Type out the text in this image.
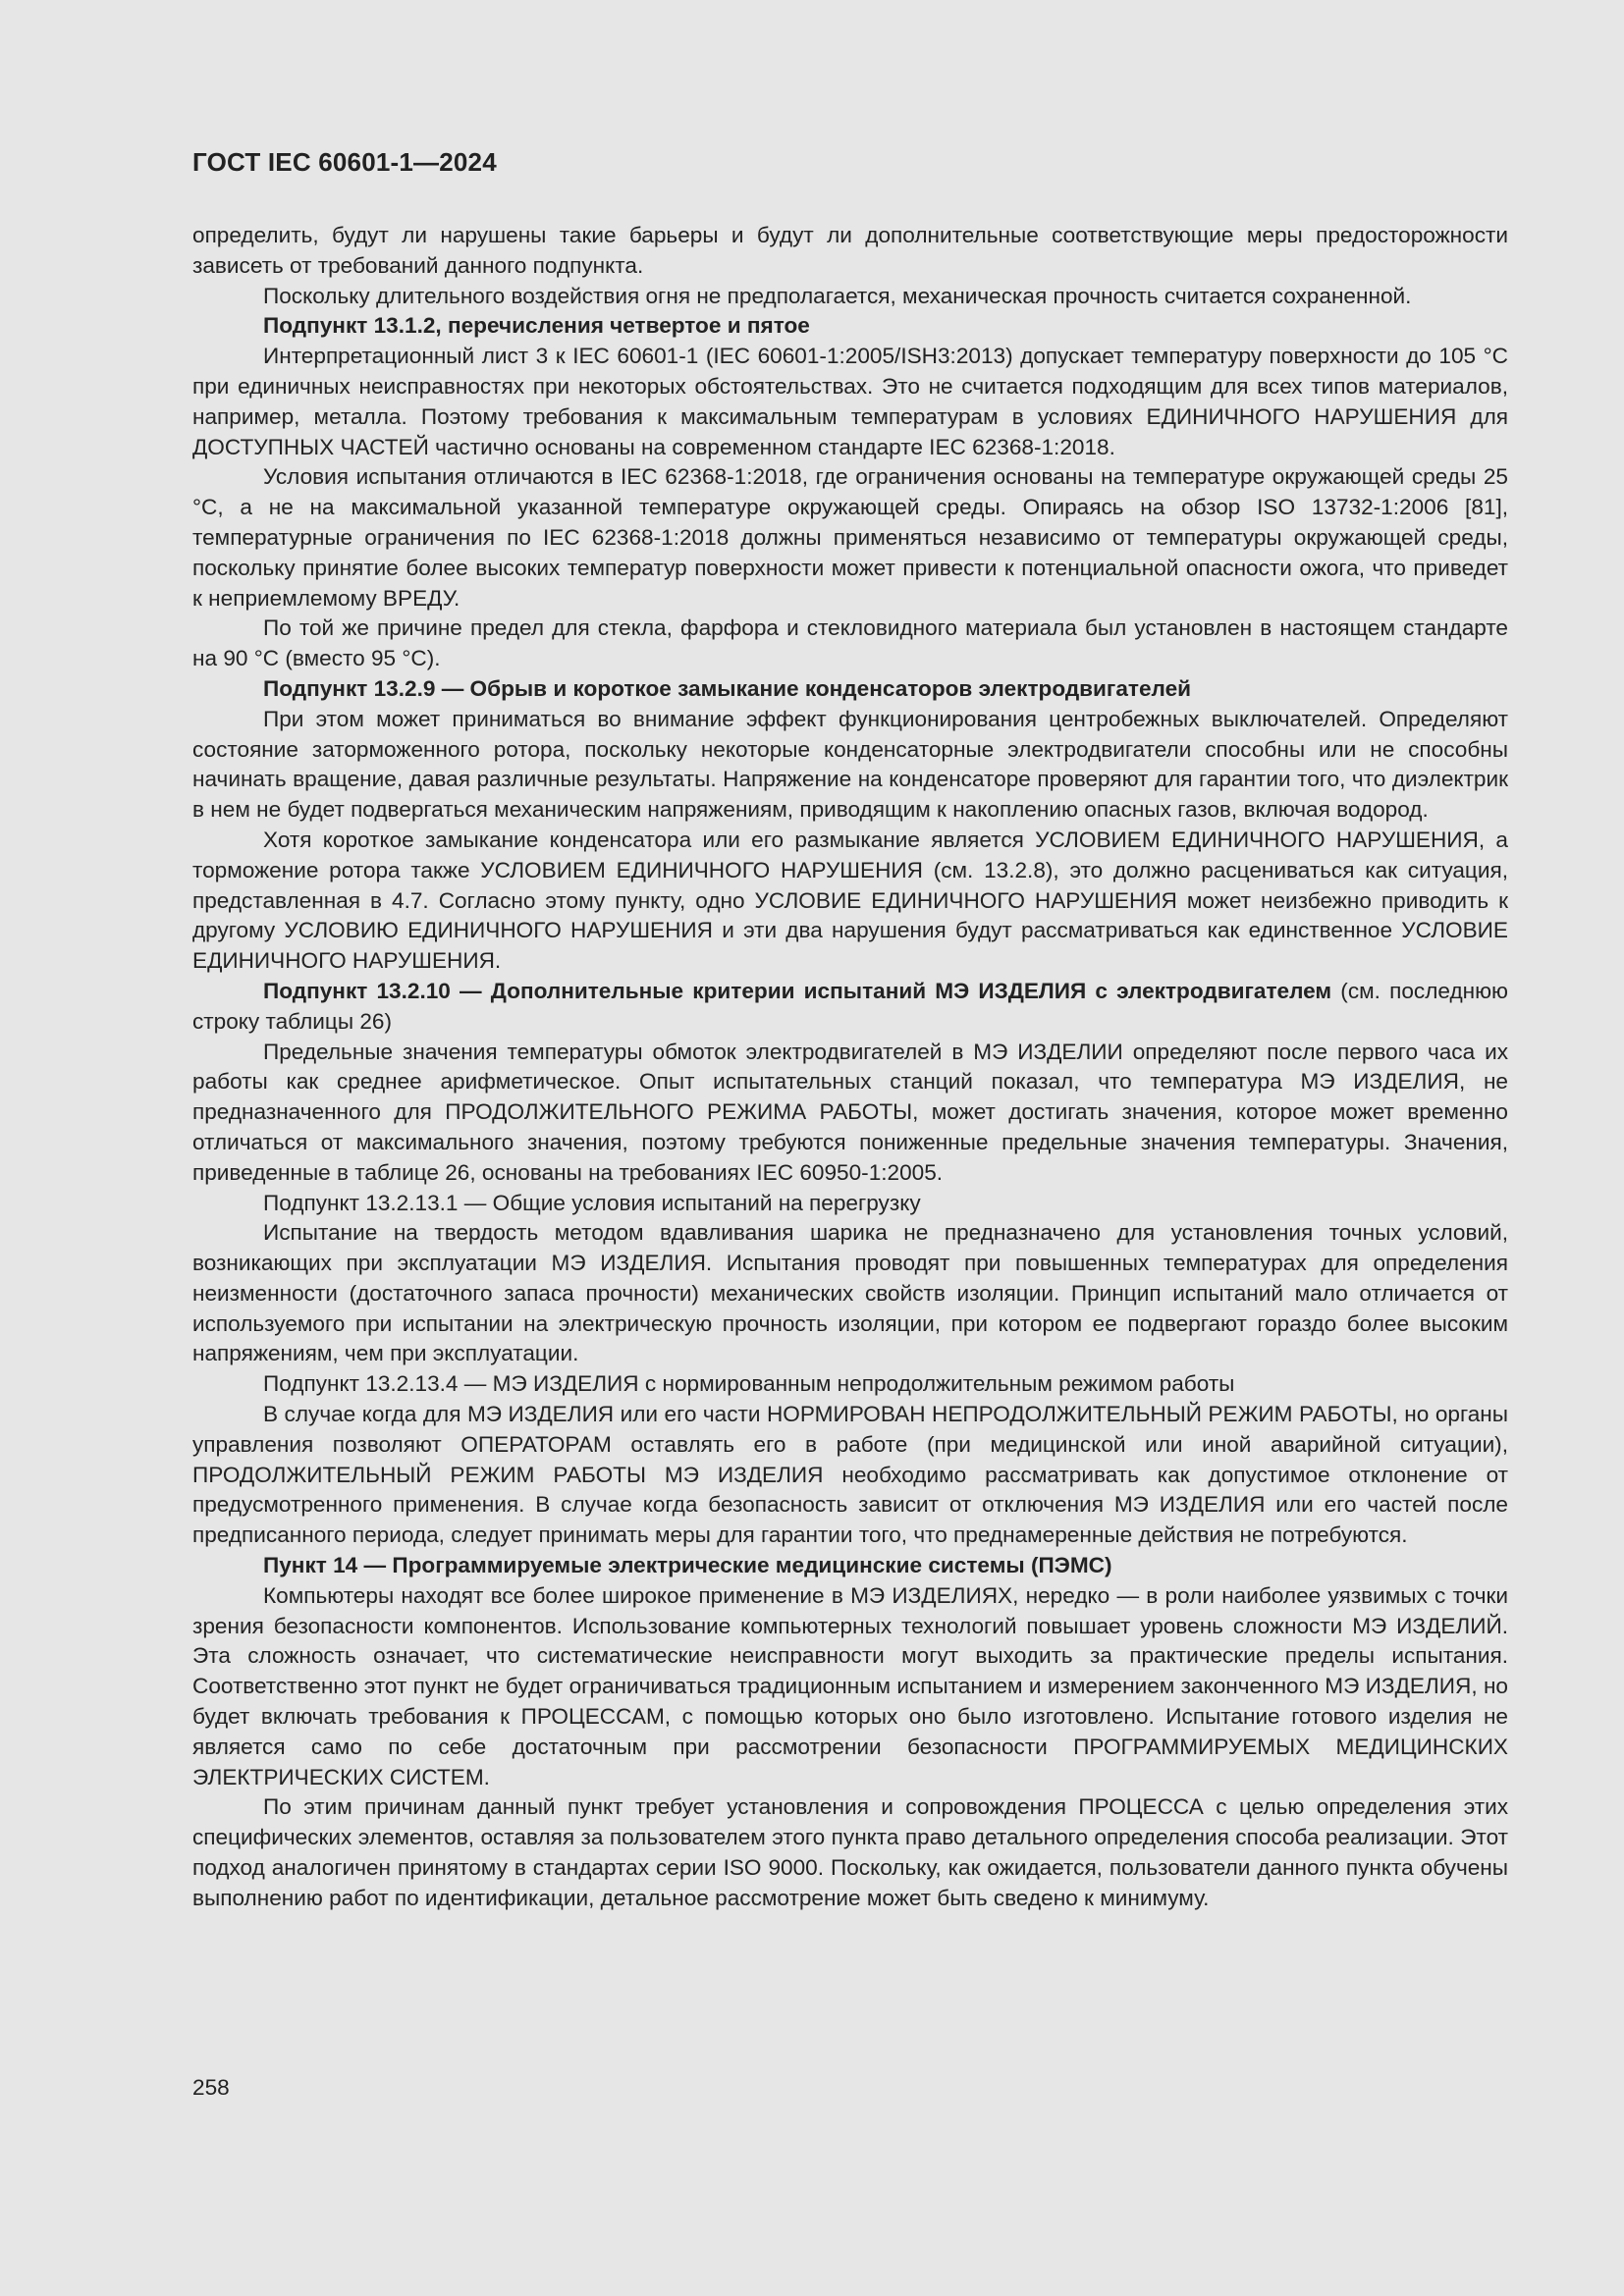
ГОСТ IEC 60601-1—2024

определить, будут ли нарушены такие барьеры и будут ли дополнительные соответствующие меры предосторожности зависеть от требований данного подпункта.

Поскольку длительного воздействия огня не предполагается, механическая прочность считается сохраненной.

Подпункт 13.1.2, перечисления четвертое и пятое

Интерпретационный лист 3 к IEC 60601-1 (IEC 60601-1:2005/ISH3:2013) допускает температуру поверхности до 105 °С при единичных неисправностях при некоторых обстоятельствах. Это не считается подходящим для всех типов материалов, например, металла. Поэтому требования к максимальным температурам в условиях ЕДИНИЧНОГО НАРУШЕНИЯ для ДОСТУПНЫХ ЧАСТЕЙ частично основаны на современном стандарте IEC 62368-1:2018.

Условия испытания отличаются в IEC 62368-1:2018, где ограничения основаны на температуре окружающей среды 25 °С, а не на максимальной указанной температуре окружающей среды. Опираясь на обзор ISO 13732-1:2006 [81], температурные ограничения по IEC 62368-1:2018 должны применяться независимо от температуры окружающей среды, поскольку принятие более высоких температур поверхности может привести к потенциальной опасности ожога, что приведет к неприемлемому ВРЕДУ.

По той же причине предел для стекла, фарфора и стекловидного материала был установлен в настоящем стандарте на 90 °С (вместо 95 °С).

Подпункт 13.2.9 — Обрыв и короткое замыкание конденсаторов электродвигателей

При этом может приниматься во внимание эффект функционирования центробежных выключателей. Определяют состояние заторможенного ротора, поскольку некоторые конденсаторные электродвигатели способны или не способны начинать вращение, давая различные результаты. Напряжение на конденсаторе проверяют для гарантии того, что диэлектрик в нем не будет подвергаться механическим напряжениям, приводящим к накоплению опасных газов, включая водород.

Хотя короткое замыкание конденсатора или его размыкание является УСЛОВИЕМ ЕДИНИЧНОГО НАРУШЕНИЯ, а торможение ротора также УСЛОВИЕМ ЕДИНИЧНОГО НАРУШЕНИЯ (см. 13.2.8), это должно расцениваться как ситуация, представленная в 4.7. Согласно этому пункту, одно УСЛОВИЕ ЕДИНИЧНОГО НАРУШЕНИЯ может неизбежно приводить к другому УСЛОВИЮ ЕДИНИЧНОГО НАРУШЕНИЯ и эти два нарушения будут рассматриваться как единственное УСЛОВИЕ ЕДИНИЧНОГО НАРУШЕНИЯ.

Подпункт 13.2.10 — Дополнительные критерии испытаний МЭ ИЗДЕЛИЯ с электродвигателем (см. последнюю строку таблицы 26)

Предельные значения температуры обмоток электродвигателей в МЭ ИЗДЕЛИИ определяют после первого часа их работы как среднее арифметическое. Опыт испытательных станций показал, что температура МЭ ИЗДЕЛИЯ, не предназначенного для ПРОДОЛЖИТЕЛЬНОГО РЕЖИМА РАБОТЫ, может достигать значения, которое может временно отличаться от максимального значения, поэтому требуются пониженные предельные значения температуры. Значения, приведенные в таблице 26, основаны на требованиях IEC 60950-1:2005.

Подпункт 13.2.13.1 — Общие условия испытаний на перегрузку

Испытание на твердость методом вдавливания шарика не предназначено для установления точных условий, возникающих при эксплуатации МЭ ИЗДЕЛИЯ. Испытания проводят при повышенных температурах для определения неизменности (достаточного запаса прочности) механических свойств изоляции. Принцип испытаний мало отличается от используемого при испытании на электрическую прочность изоляции, при котором ее подвергают гораздо более высоким напряжениям, чем при эксплуатации.

Подпункт 13.2.13.4 — МЭ ИЗДЕЛИЯ с нормированным непродолжительным режимом работы

В случае когда для МЭ ИЗДЕЛИЯ или его части НОРМИРОВАН НЕПРОДОЛЖИТЕЛЬНЫЙ РЕЖИМ РАБОТЫ, но органы управления позволяют ОПЕРАТОРАМ оставлять его в работе (при медицинской или иной аварийной ситуации), ПРОДОЛЖИТЕЛЬНЫЙ РЕЖИМ РАБОТЫ МЭ ИЗДЕЛИЯ необходимо рассматривать как допустимое отклонение от предусмотренного применения. В случае когда безопасность зависит от отключения МЭ ИЗДЕЛИЯ или его частей после предписанного периода, следует принимать меры для гарантии того, что преднамеренные действия не потребуются.

Пункт 14 — Программируемые электрические медицинские системы (ПЭМС)

Компьютеры находят все более широкое применение в МЭ ИЗДЕЛИЯХ, нередко — в роли наиболее уязвимых с точки зрения безопасности компонентов. Использование компьютерных технологий повышает уровень сложности МЭ ИЗДЕЛИЙ. Эта сложность означает, что систематические неисправности могут выходить за практические пределы испытания. Соответственно этот пункт не будет ограничиваться традиционным испытанием и измерением законченного МЭ ИЗДЕЛИЯ, но будет включать требования к ПРОЦЕССАМ, с помощью которых оно было изготовлено. Испытание готового изделия не является само по себе достаточным при рассмотрении безопасности ПРОГРАММИРУЕМЫХ МЕДИЦИНСКИХ ЭЛЕКТРИЧЕСКИХ СИСТЕМ.

По этим причинам данный пункт требует установления и сопровождения ПРОЦЕССА с целью определения этих специфических элементов, оставляя за пользователем этого пункта право детального определения способа реализации. Этот подход аналогичен принятому в стандартах серии ISO 9000. Поскольку, как ожидается, пользователи данного пункта обучены выполнению работ по идентификации, детальное рассмотрение может быть сведено к минимуму.

258
